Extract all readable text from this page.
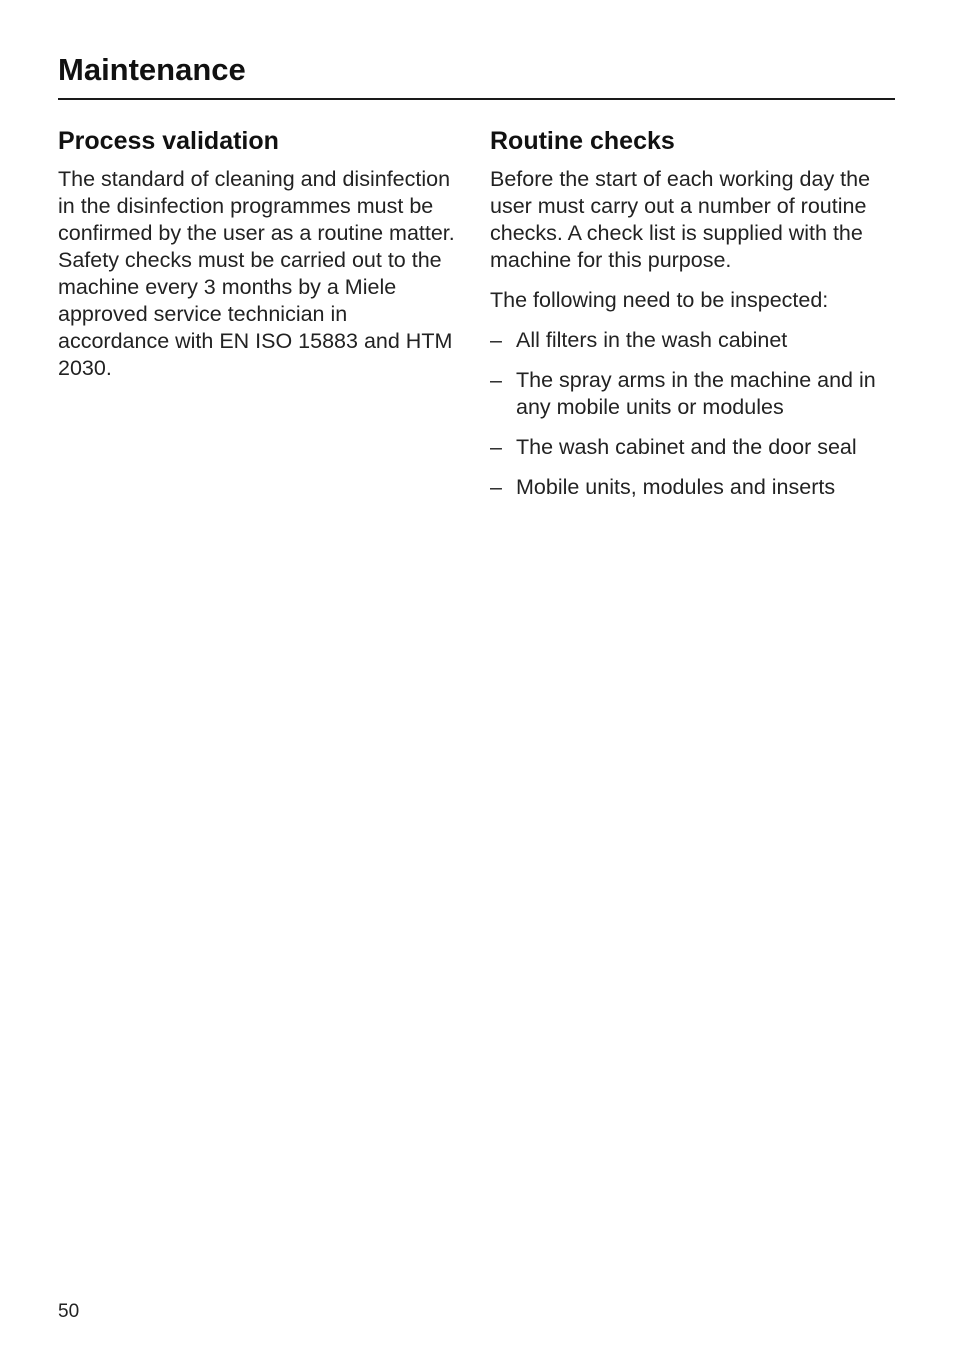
Maintenance
Process validation

The standard of cleaning and disinfection in the disinfection programmes must be confirmed by the user as a routine matter.

Safety checks must be carried out to the machine every 3 months by a Miele approved service technician in accordance with EN ISO 15883 and HTM 2030.

Routine checks

Before the start of each working day the user must carry out a number of routine checks. A check list is supplied with the machine for this purpose.

The following need to be inspected:

– All filters in the wash cabinet
– The spray arms in the machine and in any mobile units or modules
– The wash cabinet and the door seal
– Mobile units, modules and inserts
50
